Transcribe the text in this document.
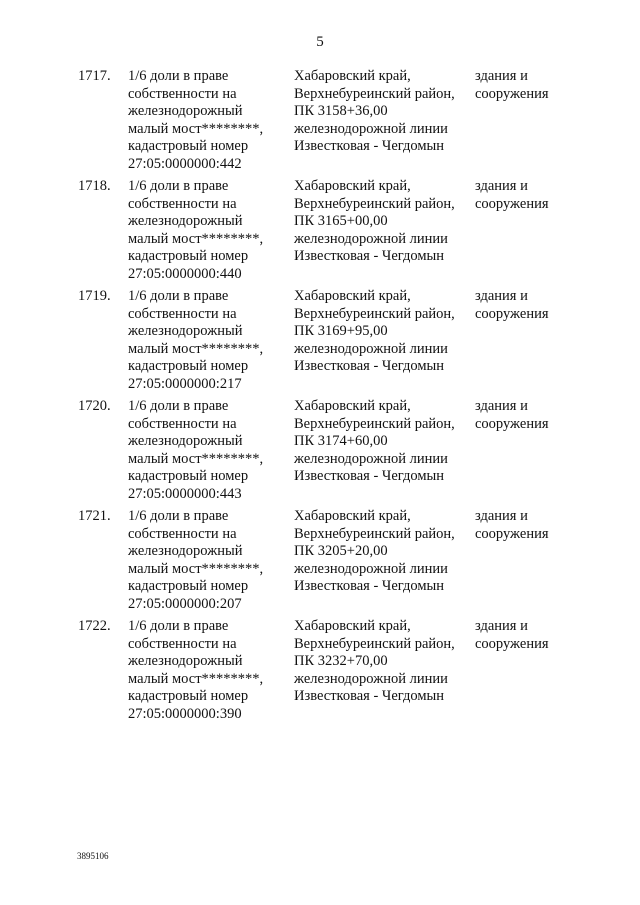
5
1717. 1/6 доли в праве
собственности на
железнодорожный
малый мост********,
кадастровый номер
27:05:0000000:442
Хабаровский край,
Верхнебуреинский район,
ПК 3158+36,00
железнодорожной линии
Известковая - Чегдомын
здания и
сооружения
1718. 1/6 доли в праве
собственности на
железнодорожный
малый мост********,
кадастровый номер
27:05:0000000:440
Хабаровский край,
Верхнебуреинский район,
ПК 3165+00,00
железнодорожной линии
Известковая - Чегдомын
здания и
сооружения
1719. 1/6 доли в праве
собственности на
железнодорожный
малый мост********,
кадастровый номер
27:05:0000000:217
Хабаровский край,
Верхнебуреинский район,
ПК 3169+95,00
железнодорожной линии
Известковая - Чегдомын
здания и
сооружения
1720. 1/6 доли в праве
собственности на
железнодорожный
малый мост********,
кадастровый номер
27:05:0000000:443
Хабаровский край,
Верхнебуреинский район,
ПК 3174+60,00
железнодорожной линии
Известковая - Чегдомын
здания и
сооружения
1721. 1/6 доли в праве
собственности на
железнодорожный
малый мост********,
кадастровый номер
27:05:0000000:207
Хабаровский край,
Верхнебуреинский район,
ПК 3205+20,00
железнодорожной линии
Известковая - Чегдомын
здания и
сооружения
1722. 1/6 доли в праве
собственности на
железнодорожный
малый мост********,
кадастровый номер
27:05:0000000:390
Хабаровский край,
Верхнебуреинский район,
ПК 3232+70,00
железнодорожной линии
Известковая - Чегдомын
здания и
сооружения
3895106
